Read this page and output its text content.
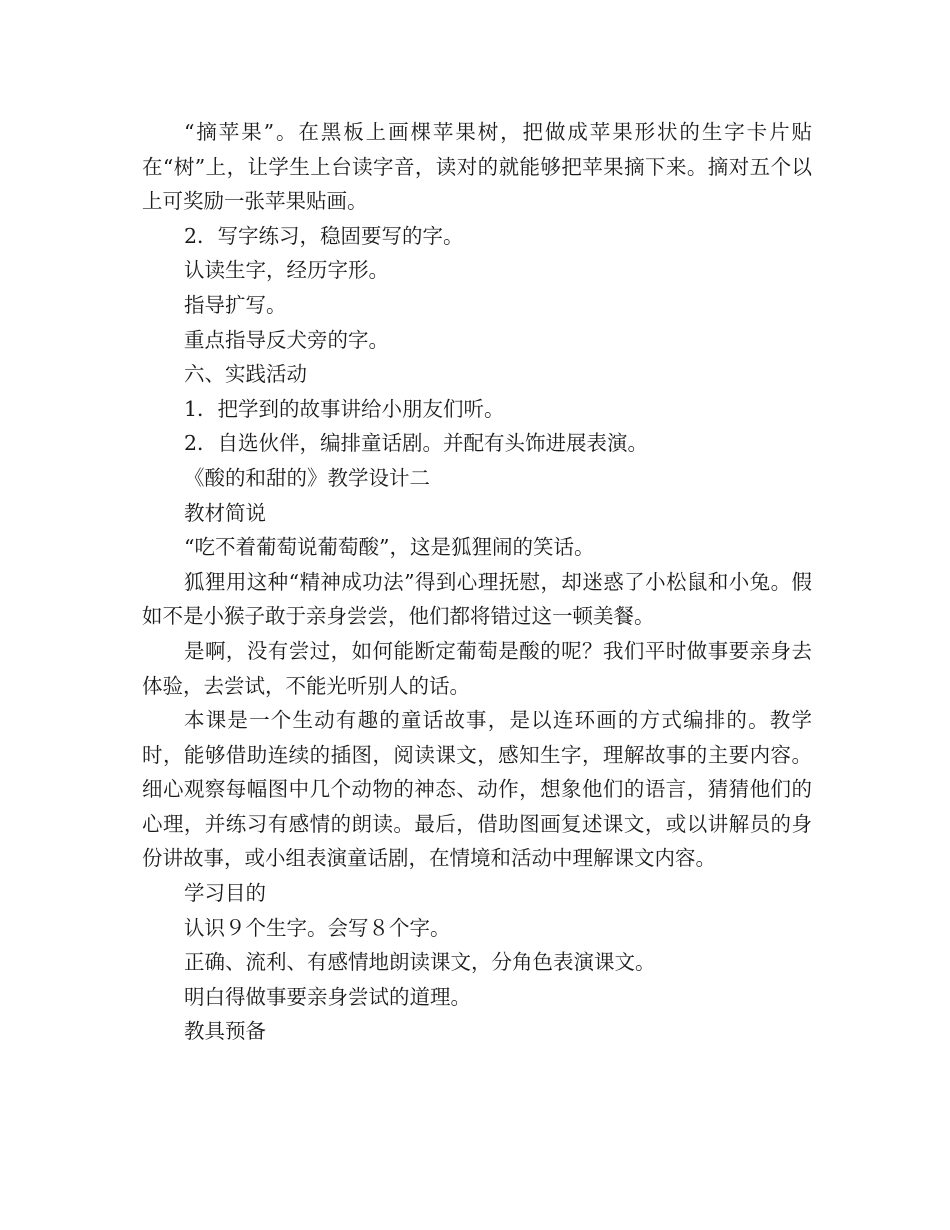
“摘苹果”。在黑板上画棵苹果树，把做成苹果形状的生字卡片贴在“树”上，让学生上台读字音，读对的就能够把苹果摘下来。摘对五个以上可奖励一张苹果贴画。

2．写字练习，稳固要写的字。

认读生字，经历字形。

指导扩写。

重点指导反犬旁的字。

六、实践活动

1．把学到的故事讲给小朋友们听。

2．自选伙伴，编排童话剧。并配有头饰进展表演。

《酸的和甜的》教学设计二

教材简说

“吃不着葡萄说葡萄酸”，这是狐狸闹的笑话。

狐狸用这种“精神成功法”得到心理抚慰，却迷惑了小松鼠和小兔。假如不是小猴子敢于亲身尝尝，他们都将错过这一顿美餐。

是啊，没有尝过，如何能断定葡萄是酸的呢？我们平时做事要亲身去体验，去尝试，不能光听别人的话。

本课是一个生动有趣的童话故事，是以连环画的方式编排的。教学时，能够借助连续的插图，阅读课文，感知生字，理解故事的主要内容。细心观察每幅图中几个动物的神态、动作，想象他们的语言，猜猜他们的心理，并练习有感情的朗读。最后，借助图画复述课文，或以讲解员的身份讲故事，或小组表演童话剧，在情境和活动中理解课文内容。

学习目的

认识９个生字。会写８个字。

正确、流利、有感情地朗读课文，分角色表演课文。

明白得做事要亲身尝试的道理。

教具预备
